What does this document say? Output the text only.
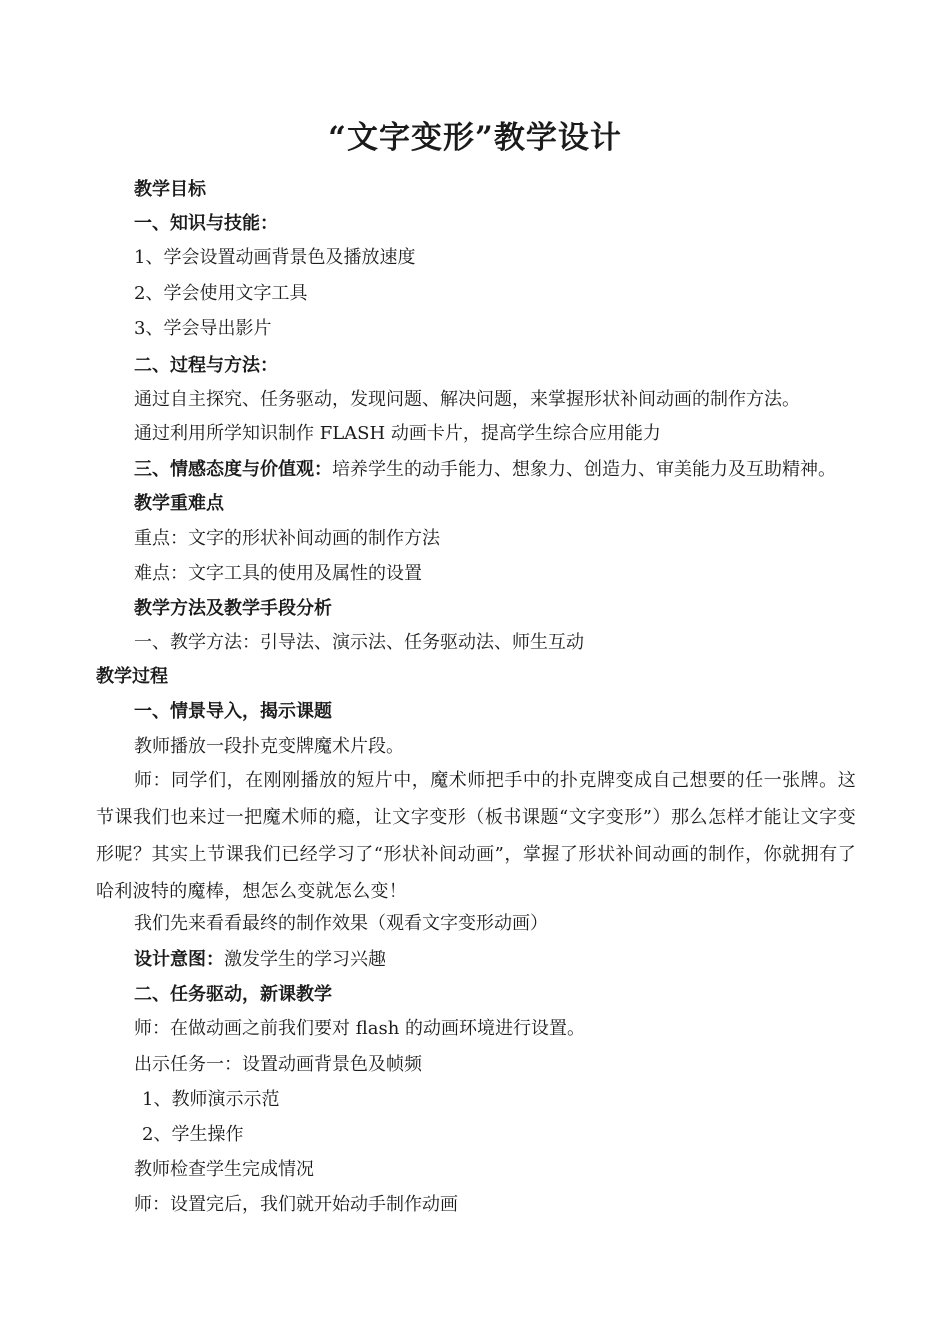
“文字变形”教学设计
教学目标
一、知识与技能：
1、学会设置动画背景色及播放速度
2、学会使用文字工具
3、学会导出影片
二、过程与方法：
通过自主探究、任务驱动，发现问题、解决问题，来掌握形状补间动画的制作方法。
通过利用所学知识制作 FLASH 动画卡片，提高学生综合应用能力
三、情感态度与价值观：培养学生的动手能力、想象力、创造力、审美能力及互助精神。
教学重难点
重点：文字的形状补间动画的制作方法
难点：文字工具的使用及属性的设置
教学方法及教学手段分析
一、教学方法：引导法、演示法、任务驱动法、师生互动
教学过程
一、情景导入，揭示课题
教师播放一段扑克变牌魔术片段。
师：同学们，在刚刚播放的短片中，魔术师把手中的扑克牌变成自己想要的任一张牌。这节课我们也来过一把魔术师的瘾，让文字变形（板书课题“文字变形”）那么怎样才能让文字变形呢？其实上节课我们已经学习了“形状补间动画”，掌握了形状补间动画的制作，你就拥有了哈利波特的魔棒，想怎么变就怎么变！
我们先来看看最终的制作效果（观看文字变形动画）
设计意图：激发学生的学习兴趣
二、任务驱动，新课教学
师：在做动画之前我们要对 flash 的动画环境进行设置。
出示任务一：设置动画背景色及帧频
1、教师演示示范
2、学生操作
教师检查学生完成情况
师：设置完后，我们就开始动手制作动画
